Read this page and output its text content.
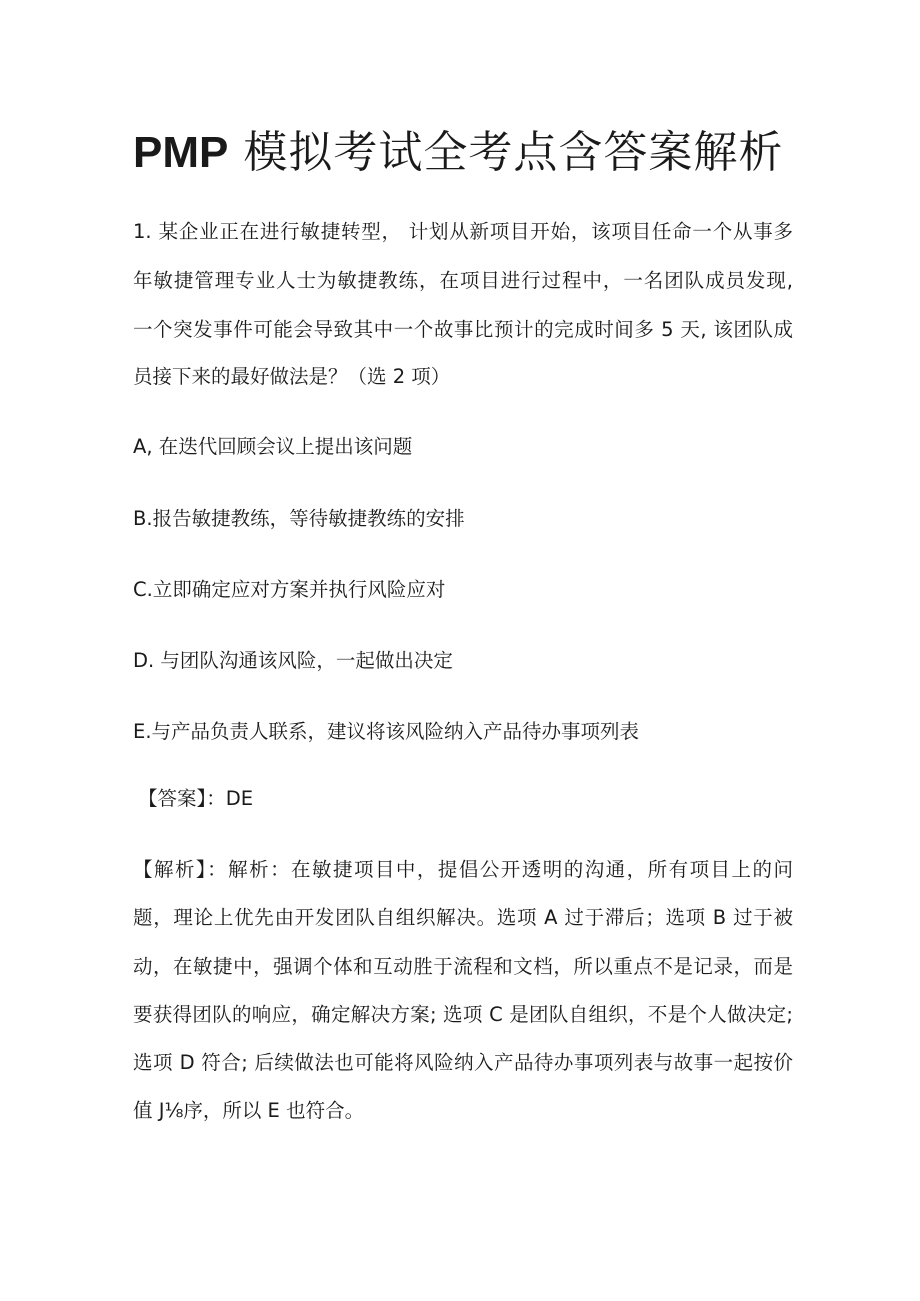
PMP 模拟考试全考点含答案解析
1. 某企业正在进行敏捷转型， 计划从新项目开始，该项目任命一个从事多
年敏捷管理专业人士为敏捷教练，在项目进行过程中，一名团队成员发现,
一个突发事件可能会导致其中一个故事比预计的完成时间多 5 天, 该团队成
员接下来的最好做法是？（选 2 项）
A, 在迭代回顾会议上提出该问题
B.报告敏捷教练，等待敏捷教练的安排
C.立即确定应对方案并执行风险应对
D. 与团队沟通该风险，一起做出决定
E.与产品负责人联系，建议将该风险纳入产品待办事项列表
【答案】：DE
【解析】：解析：在敏捷项目中，提倡公开透明的沟通，所有项目上的问
题，理论上优先由开发团队自组织解决。选项 A 过于滞后；选项 B 过于被
动，在敏捷中，强调个体和互动胜于流程和文档，所以重点不是记录，而是
要获得团队的响应，确定解决方案; 选项 C 是团队自组织，不是个人做决定;
选项 D 符合; 后续做法也可能将风险纳入产品待办事项列表与故事一起按价
值 J⅛序，所以 E 也符合。
